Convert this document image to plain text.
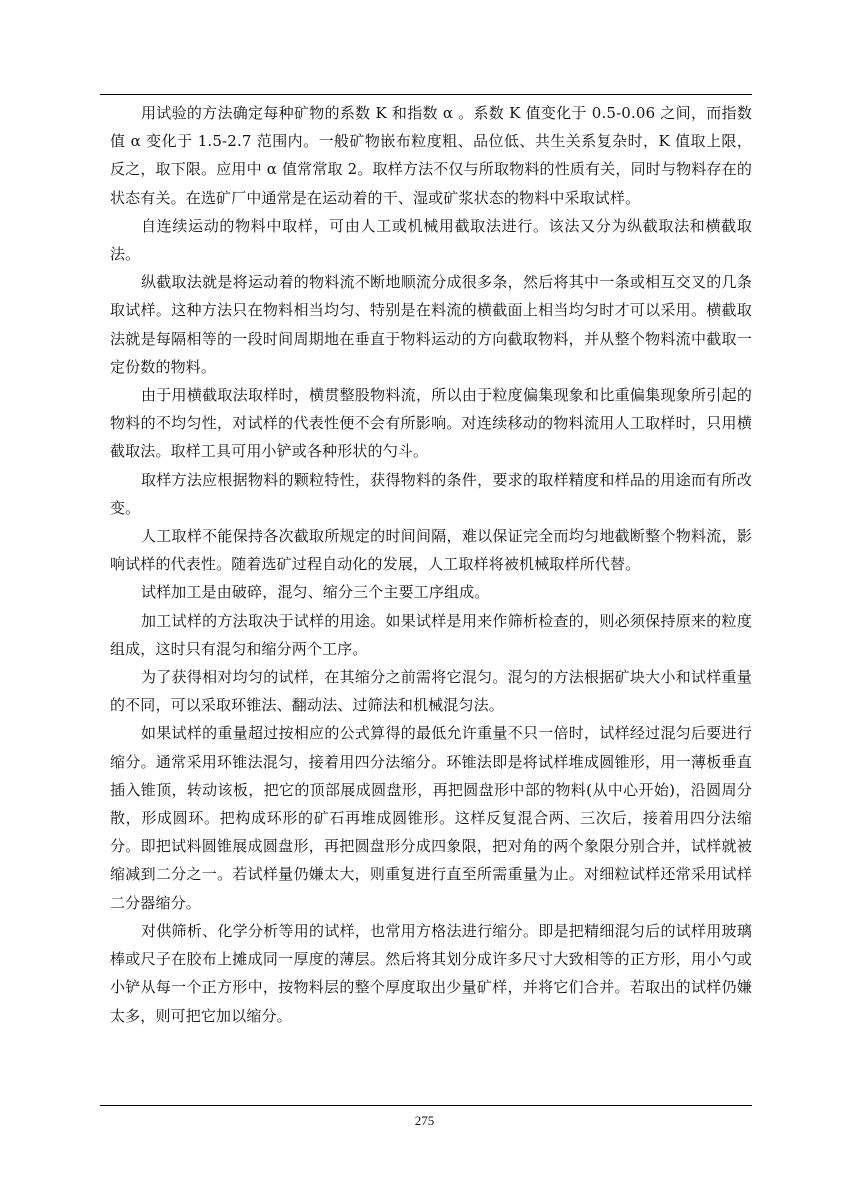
用试验的方法确定每种矿物的系数 K 和指数 α 。系数 K 值变化于 0.5-0.06 之间，而指数值 α 变化于 1.5-2.7 范围内。一般矿物嵌布粒度粗、品位低、共生关系复杂时，K 值取上限，反之，取下限。应用中 α 值常常取 2。取样方法不仅与所取物料的性质有关，同时与物料存在的状态有关。在选矿厂中通常是在运动着的干、湿或矿浆状态的物料中采取试样。

自连续运动的物料中取样，可由人工或机械用截取法进行。该法又分为纵截取法和横截取法。

纵截取法就是将运动着的物料流不断地顺流分成很多条，然后将其中一条或相互交叉的几条取试样。这种方法只在物料相当均匀、特别是在料流的横截面上相当均匀时才可以采用。横截取法就是每隔相等的一段时间周期地在垂直于物料运动的方向截取物料，并从整个物料流中截取一定份数的物料。

由于用横截取法取样时，横贯整股物料流，所以由于粒度偏集现象和比重偏集现象所引起的物料的不均匀性，对试样的代表性便不会有所影响。对连续移动的物料流用人工取样时，只用横截取法。取样工具可用小铲或各种形状的勺斗。

取样方法应根据物料的颗粒特性，获得物料的条件，要求的取样精度和样品的用途而有所改变。

人工取样不能保持各次截取所规定的时间间隔，难以保证完全而均匀地截断整个物料流，影响试样的代表性。随着选矿过程自动化的发展，人工取样将被机械取样所代替。

试样加工是由破碎，混匀、缩分三个主要工序组成。

加工试样的方法取决于试样的用途。如果试样是用来作筛析检查的，则必须保持原来的粒度组成，这时只有混匀和缩分两个工序。

为了获得相对均匀的试样，在其缩分之前需将它混匀。混匀的方法根据矿块大小和试样重量的不同，可以采取环锥法、翻动法、过筛法和机械混匀法。

如果试样的重量超过按相应的公式算得的最低允许重量不只一倍时，试样经过混匀后要进行缩分。通常采用环锥法混匀，接着用四分法缩分。环锥法即是将试样堆成圆锥形，用一薄板垂直插入锥顶，转动该板，把它的顶部展成圆盘形，再把圆盘形中部的物料(从中心开始)，沿圆周分散，形成圆环。把构成环形的矿石再堆成圆锥形。这样反复混合两、三次后，接着用四分法缩分。即把试料圆锥展成圆盘形，再把圆盘形分成四象限，把对角的两个象限分别合并，试样就被缩减到二分之一。若试样量仍嫌太大，则重复进行直至所需重量为止。对细粒试样还常采用试样二分器缩分。

对供筛析、化学分析等用的试样，也常用方格法进行缩分。即是把精细混匀后的试样用玻璃棒或尺子在胶布上摊成同一厚度的薄层。然后将其划分成许多尺寸大致相等的正方形，用小勺或小铲从每一个正方形中，按物料层的整个厚度取出少量矿样，并将它们合并。若取出的试样仍嫌太多，则可把它加以缩分。

275
